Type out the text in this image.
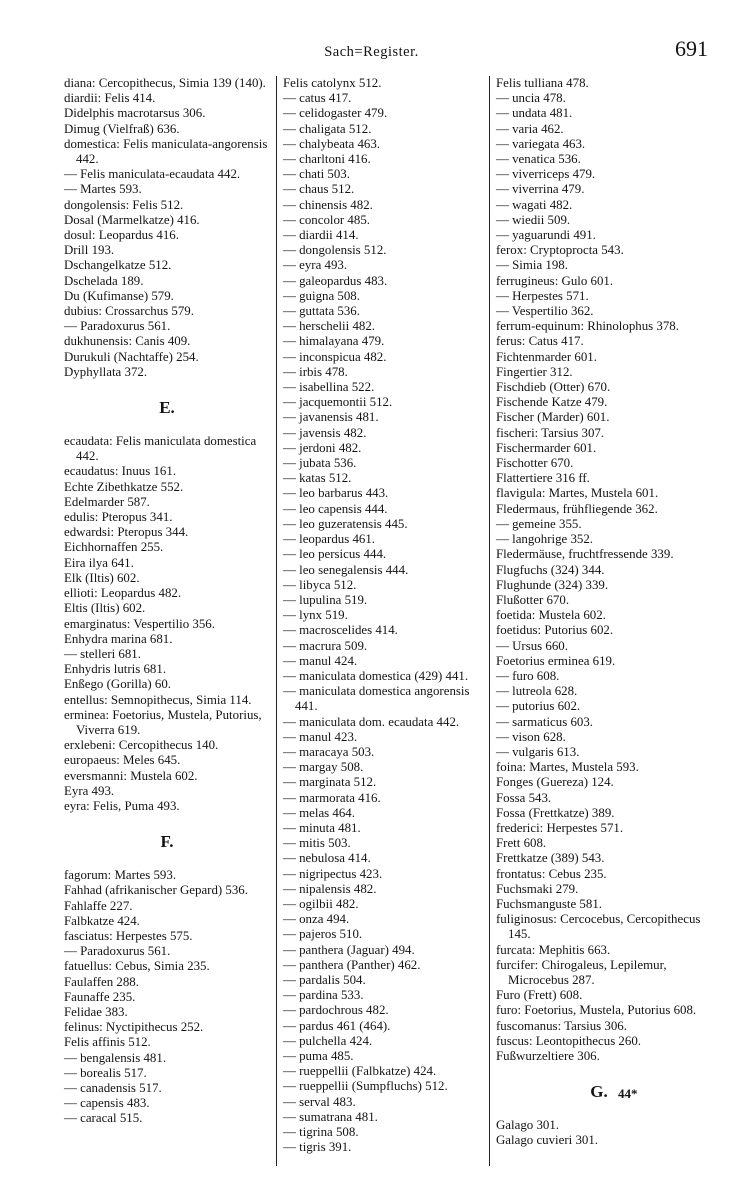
Sach=Register.	691
diana: Cercopithecus, Simia 139 (140).
diardii: Felis 414.
Didelphis macrotarsus 306.
Dimug (Vielfraß) 636.
domestica: Felis maniculata-angorensis 442.
— Felis maniculata-ecaudata 442.
— Martes 593.
dongolensis: Felis 512.
Dosal (Marmelkatze) 416.
dosul: Leopardus 416.
Drill 193.
Dschangelkatze 512.
Dschelada 189.
Du (Kufimanse) 579.
dubius: Crossarchus 579.
— Paradoxurus 561.
dukhunensis: Canis 409.
Durukuli (Nachtaffe) 254.
Dyphyllata 372.
E.
ecaudata: Felis maniculata domestica 442.
ecaudatus: Inuus 161.
Echte Zibethkatze 552.
Edelmarder 587.
edulis: Pteropus 341.
edwardsi: Pteropus 344.
Eichhornaffen 255.
Eira ilya 641.
Elk (Iltis) 602.
ellioti: Leopardus 482.
Eltis (Iltis) 602.
emarginatus: Vespertilio 356.
Enhydra marina 681.
— stelleri 681.
Enhydris lutris 681.
Enßego (Gorilla) 60.
entellus: Semnopithecus, Simia 114.
erminea: Foetorius, Mustela, Putorius, Viverra 619.
erxlebeni: Cercopithecus 140.
europaeus: Meles 645.
eversmanni: Mustela 602.
Eyra 493.
eyra: Felis, Puma 493.
F.
fagorum: Martes 593.
Fahhad (afrikanischer Gepard) 536.
Fahlaffe 227.
Falbkatze 424.
fasciatus: Herpestes 575.
— Paradoxurus 561.
fatuellus: Cebus, Simia 235.
Faulaffen 288.
Faunaffe 235.
Felidae 383.
felinus: Nyctipithecus 252.
Felis affinis 512.
— bengalensis 481.
— borealis 517.
— canadensis 517.
— capensis 483.
— caracal 515.
Felis catolynx 512.
— catus 417.
— celidogaster 479.
— chaligata 512.
— chalybeata 463.
— charltoni 416.
— chati 503.
— chaus 512.
— chinensis 482.
— concolor 485.
— diardii 414.
— dongolensis 512.
— eyra 493.
— galeopardus 483.
— guigna 508.
— guttata 536.
— herschelii 482.
— himalayana 479.
— inconspicua 482.
— irbis 478.
— isabellina 522.
— jacquemontii 512.
— javanensis 481.
— javensis 482.
— jerdoni 482.
— jubata 536.
— katas 512.
— leo barbarus 443.
— leo capensis 444.
— leo guzeratensis 445.
— leopardus 461.
— leo persicus 444.
— leo senegalensis 444.
— libyca 512.
— lupulina 519.
— lynx 519.
— macroscelides 414.
— macrura 509.
— manul 424.
— maniculata domestica (429) 441.
— maniculata domestica angorensis 441.
— maniculata dom. ecaudata 442.
— manul 423.
— maracaya 503.
— margay 508.
— marginata 512.
— marmorata 416.
— melas 464.
— minuta 481.
— mitis 503.
— nebulosa 414.
— nigripectus 423.
— nipalensis 482.
— ogilbii 482.
— onza 494.
— pajeros 510.
— panthera (Jaguar) 494.
— panthera (Panther) 462.
— pardalis 504.
— pardina 533.
— pardochrous 482.
— pardus 461 (464).
— pulchella 424.
— puma 485.
— rueppellii (Falbkatze) 424.
— rueppellii (Sumpfluchs) 512.
— serval 483.
— sumatrana 481.
— tigrina 508.
— tigris 391.
Felis tulliana 478.
— uncia 478.
— undata 481.
— varia 462.
— variegata 463.
— venatica 536.
— viverriceps 479.
— viverrina 479.
— wagati 482.
— wiedii 509.
— yaguarundi 491.
ferox: Cryptoprocta 543.
— Simia 198.
ferrugineus: Gulo 601.
— Herpestes 571.
— Vespertilio 362.
ferrum-equinum: Rhinolophus 378.
ferus: Catus 417.
Fichtenmarder 601.
Fingertier 312.
Fischdieb (Otter) 670.
Fischende Katze 479.
Fischer (Marder) 601.
fischeri: Tarsius 307.
Fischermarder 601.
Fischotter 670.
Flattertiere 316 ff.
flavigula: Martes, Mustela 601.
Fledermaus, frühfliegende 362.
— gemeine 355.
— langohrige 352.
Fledermäuse, fruchtfressende 339.
Flugfuchs (324) 344.
Flughunde (324) 339.
Flußotter 670.
foetida: Mustela 602.
foetidus: Putorius 602.
— Ursus 660.
Foetorius erminea 619.
— furo 608.
— lutreola 628.
— putorius 602.
— sarmaticus 603.
— vison 628.
— vulgaris 613.
foina: Martes, Mustela 593.
Fonges (Guereza) 124.
Fossa 543.
Fossa (Frettkatze) 389.
frederici: Herpestes 571.
Frett 608.
Frettkatze (389) 543.
frontatus: Cebus 235.
Fuchsmaki 279.
Fuchsmanguste 581.
fuliginosus: Cercocebus, Cercopithecus 145.
furcata: Mephitis 663.
furcifer: Chirogaleus, Lepilemur, Microcebus 287.
Furo (Frett) 608.
furo: Foetorius, Mustela, Putorius 608.
fuscomanus: Tarsius 306.
fuscus: Leontopithecus 260.
Fußwurzeltiere 306.
G.
Galago 301.
Galago cuvieri 301.
44*
